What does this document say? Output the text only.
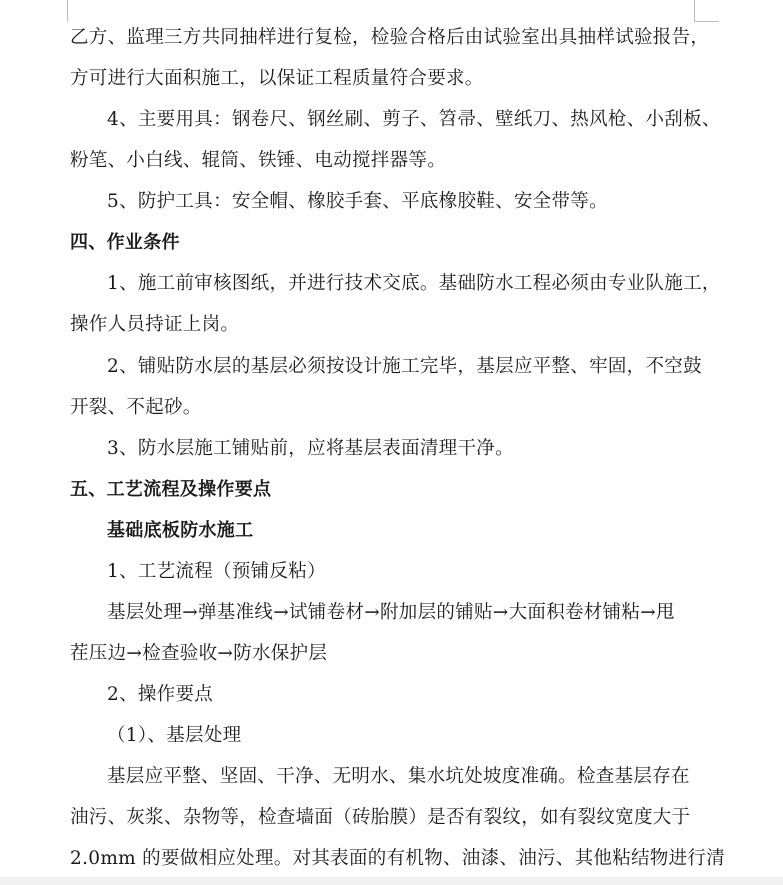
乙方、监理三方共同抽样进行复检，检验合格后由试验室出具抽样试验报告，
方可进行大面积施工，以保证工程质量符合要求。
4、主要用具：钢卷尺、钢丝刷、剪子、笤帚、壁纸刀、热风枪、小刮板、
粉笔、小白线、辊筒、铁锤、电动搅拌器等。
5、防护工具：安全帽、橡胶手套、平底橡胶鞋、安全带等。
四、作业条件
1、施工前审核图纸，并进行技术交底。基础防水工程必须由专业队施工，
操作人员持证上岗。
2、铺贴防水层的基层必须按设计施工完毕，基层应平整、牢固，不空鼓
开裂、不起砂。
3、防水层施工铺贴前，应将基层表面清理干净。
五、工艺流程及操作要点
基础底板防水施工
1、工艺流程（预铺反粘）
基层处理→弹基准线→试铺卷材→附加层的铺贴→大面积卷材铺粘→甩
茬压边→检查验收→防水保护层
2、操作要点
（1）、基层处理
基层应平整、坚固、干净、无明水、集水坑处坡度准确。检查基层存在
油污、灰浆、杂物等，检查墙面（砖胎膜）是否有裂纹，如有裂纹宽度大于
2.0mm 的要做相应处理。对其表面的有机物、油漆、油污、其他粘结物进行清
